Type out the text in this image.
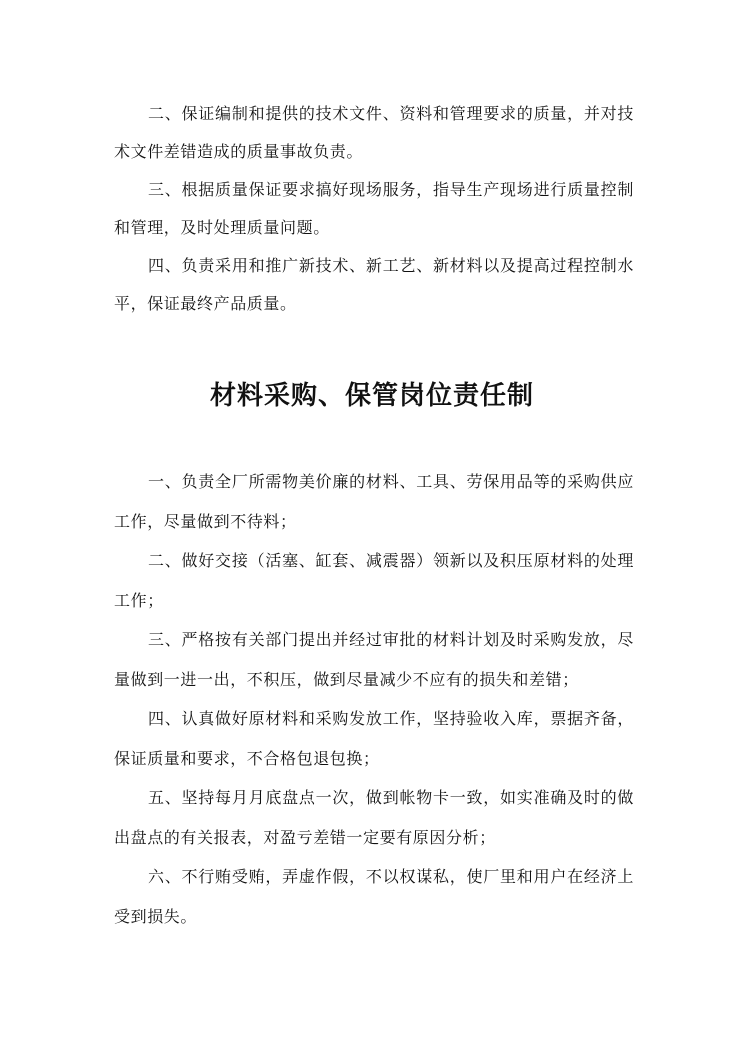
二、保证编制和提供的技术文件、资料和管理要求的质量，并对技术文件差错造成的质量事故负责。

三、根据质量保证要求搞好现场服务，指导生产现场进行质量控制和管理，及时处理质量问题。

四、负责采用和推广新技术、新工艺、新材料以及提高过程控制水平，保证最终产品质量。

材料采购、保管岗位责任制

一、负责全厂所需物美价廉的材料、工具、劳保用品等的采购供应工作，尽量做到不待料；

二、做好交接（活塞、缸套、减震器）领新以及积压原材料的处理工作；

三、严格按有关部门提出并经过审批的材料计划及时采购发放，尽量做到一进一出，不积压，做到尽量减少不应有的损失和差错；

四、认真做好原材料和采购发放工作，坚持验收入库，票据齐备，保证质量和要求，不合格包退包换；

五、坚持每月月底盘点一次，做到帐物卡一致，如实准确及时的做出盘点的有关报表，对盈亏差错一定要有原因分析；

六、不行贿受贿，弄虚作假，不以权谋私，使厂里和用户在经济上受到损失。
